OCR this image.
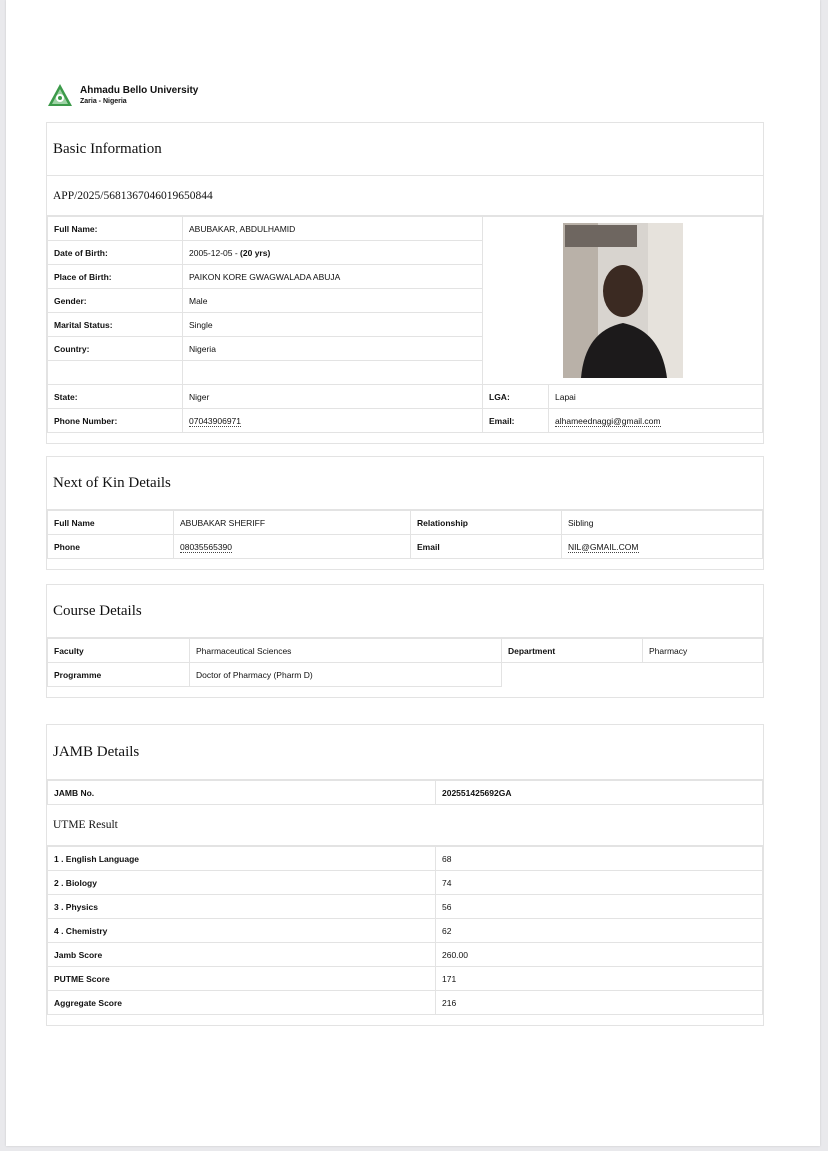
Ahmadu Bello University
Zaria - Nigeria
Basic Information
APP/2025/5681367046019650844
Full Name:	ABUBAKAR, ABDULHAMID	

Date of Birth:	2005-12-05 - (20 yrs)		
Place of Birth:	PAIKON KORE GWAGWALADA ABUJA		
Gender:	Male		
Marital Status:	Single		
Country:	Nigeria		

State:	Niger	LGA:	Lapai
Phone Number:	07043906971	Email:	alhameednaggi@gmail.com
Next of Kin Details
Full Name	ABUBAKAR SHERIFF	Relationship	Sibling
Phone	08035565390	Email	NIL@GMAIL.COM
Course Details
Faculty	Pharmaceutical Sciences	Department	Pharmacy
Programme	Doctor of Pharmacy (Pharm D)		
JAMB Details
JAMB No.	202551425692GA
UTME Result
1 . English Language	68
2 . Biology	74
3 . Physics	56
4 . Chemistry	62
Jamb Score	260.00
PUTME Score	171
Aggregate Score	216
